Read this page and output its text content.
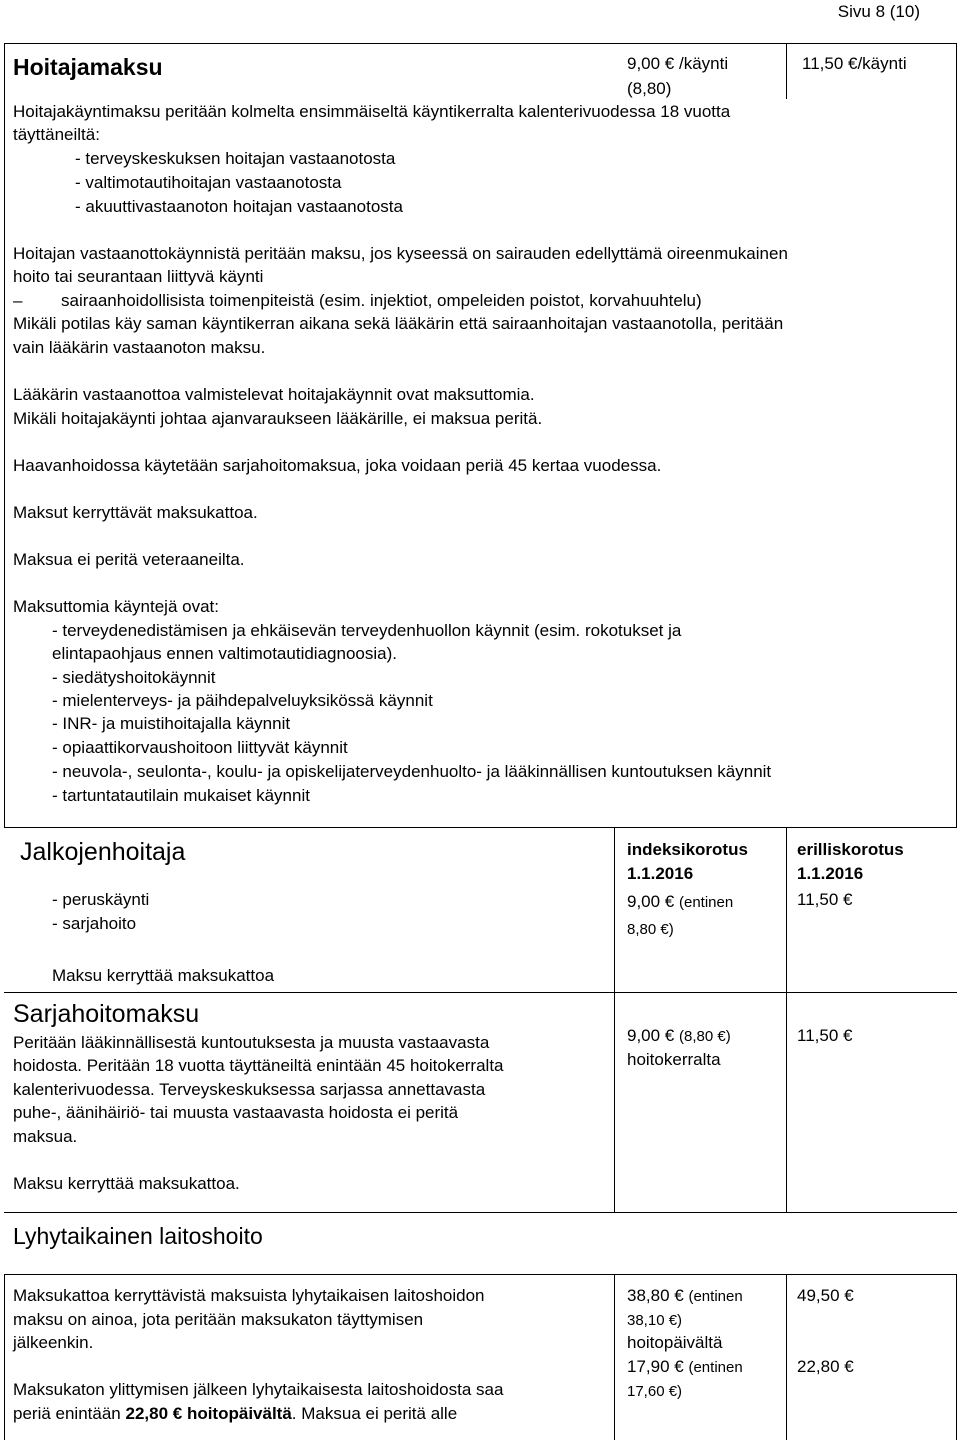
Sivu 8 (10)
Hoitajamaksu	9,00 € /käynti
(8,80)
11,50 €/käynti
Hoitajakäyntimaksu peritään kolmelta ensimmäiseltä käyntikerralta kalenterivuodessa 18 vuotta
täyttäneiltä:
- terveyskeskuksen hoitajan vastaanotosta
- valtimotautihoitajan vastaanotosta
- akuuttivastaanoton hoitajan vastaanotosta
Hoitajan vastaanottokäynnistä peritään maksu, jos kyseessä on sairauden edellyttämä oireenmukainen
hoito tai seurantaan liittyvä käynti
– sairaanhoidollisista toimenpiteistä (esim. injektiot, ompeleiden poistot, korvahuuhtelu)
Mikäli potilas käy saman käyntikerran aikana sekä lääkärin että sairaanhoitajan vastaanotolla, peritään
vain lääkärin vastaanoton maksu.
Lääkärin vastaanottoa valmistelevat hoitajakäynnit ovat maksuttomia.
Mikäli hoitajakäynti johtaa ajanvaraukseen lääkärille, ei maksua peritä.
Haavanhoidossa käytetään sarjahoitomaksua, joka voidaan periä 45 kertaa vuodessa.
Maksut kerryttävät maksukattoa.
Maksua ei peritä veteraaneilta.
Maksuttomia käyntejä ovat:
- terveydenedistämisen ja ehkäisevän terveydenhuollon käynnit (esim. rokotukset ja
elintapaohjaus ennen valtimotautidiagnoosia).
- siedätyshoitokäynnit
- mielenterveys- ja päihdepalveluyksikössä käynnit
- INR- ja muistihoitajalla käynnit
- opiaattikorvaushoitoon liittyvät käynnit
- neuvola-, seulonta-, koulu- ja opiskelijaterveydenhuolto- ja lääkinnällisen kuntoutuksen käynnit
- tartuntatautilain mukaiset käynnit
Jalkojenhoitaja	indeksikorotus
1.1.2016
erilliskorotus
1.1.2016
- peruskäynti
- sarjahoito
9,00 € (entinen
8,80 €)
11,50 €
Maksu kerryttää maksukattoa
Sarjahoitomaksu
Peritään lääkinnällisestä kuntoutuksesta ja muusta vastaavasta
hoidosta. Peritään 18 vuotta täyttäneiltä enintään 45 hoitokerralta
kalenterivuodessa. Terveyskeskuksessa sarjassa annettavasta
puhe-, äänihäiriö- tai muusta vastaavasta hoidosta ei peritä
maksua.
9,00 € (8,80 €)
hoitokerralta
11,50 €
Maksu kerryttää maksukattoa.
Lyhytaikainen laitoshoito
Maksukattoa kerryttävistä maksuista lyhytaikaisen laitoshoidon
maksu on ainoa, jota peritään maksukaton täyttymisen
jälkeenkin.
Maksukaton ylittymisen jälkeen lyhytaikaisesta laitoshoidosta saa
periä enintään 22,80 € hoitopäivältä. Maksua ei peritä alle
38,80 € (entinen
38,10 €)
hoitopäivältä
17,90 € (entinen
17,60 €)
49,50 €
22,80 €
